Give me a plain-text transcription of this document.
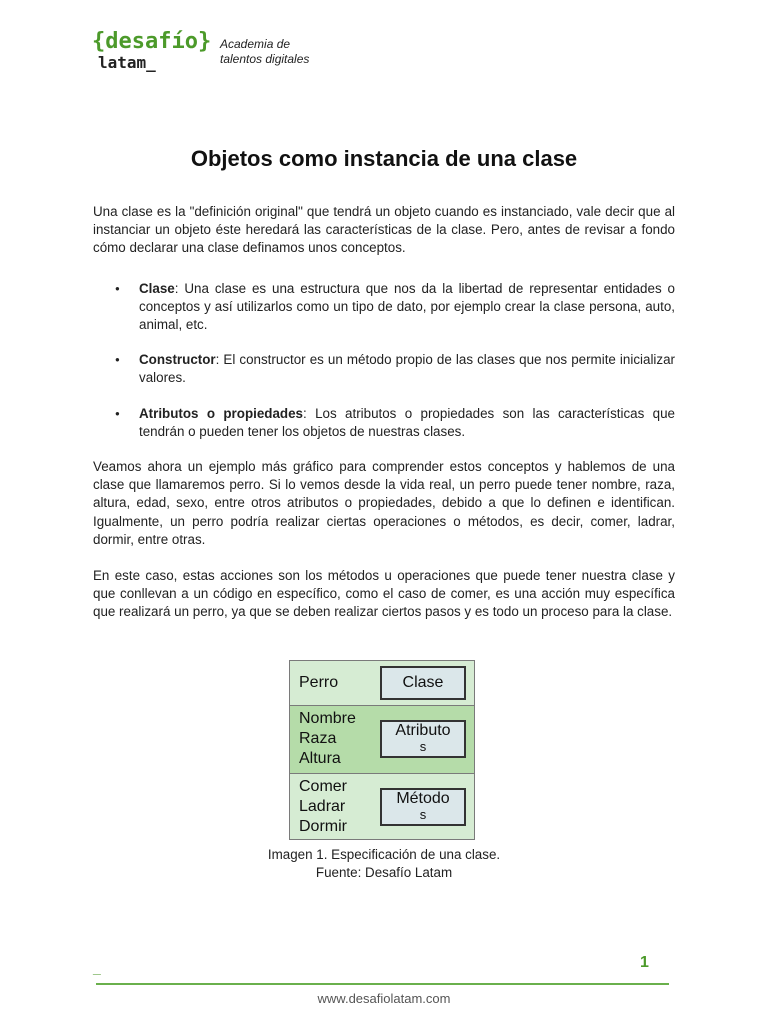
{desafío}
latam_
Academia de
talentos digitales
Objetos como instancia de una clase

Una clase es la "definición original" que tendrá un objeto cuando es instanciado, vale decir que al instanciar un objeto éste heredará las características de la clase. Pero, antes de revisar a fondo cómo declarar una clase definamos unos conceptos.

● Clase: Una clase es una estructura que nos da la libertad de representar entidades o conceptos y así utilizarlos como un tipo de dato, por ejemplo crear la clase persona, auto, animal, etc.
● Constructor: El constructor es un método propio de las clases que nos permite inicializar valores.
● Atributos o propiedades: Los atributos o propiedades son las características que tendrán o pueden tener los objetos de nuestras clases.

Veamos ahora un ejemplo más gráfico para comprender estos conceptos y hablemos de una clase que llamaremos perro. Si lo vemos desde la vida real, un perro puede tener nombre, raza, altura, edad, sexo, entre otros atributos o propiedades, debido a que lo definen e identifican. Igualmente, un perro podría realizar ciertas operaciones o métodos, es decir, comer, ladrar, dormir, entre otras.

En este caso, estas acciones son los métodos u operaciones que puede tener nuestra clase y que conllevan a un código en específico, como el caso de comer, es una acción muy específica que realizará un perro, ya que se deben realizar ciertos pasos y es todo un proceso para la clase.

Perro	Clase
Nombre
Raza
Altura
Atributo
s
Comer
Ladrar
Dormir
Método
s
Imagen 1. Especificación de una clase.
Fuente: Desafío Latam
_	1
www.desafiolatam.com
